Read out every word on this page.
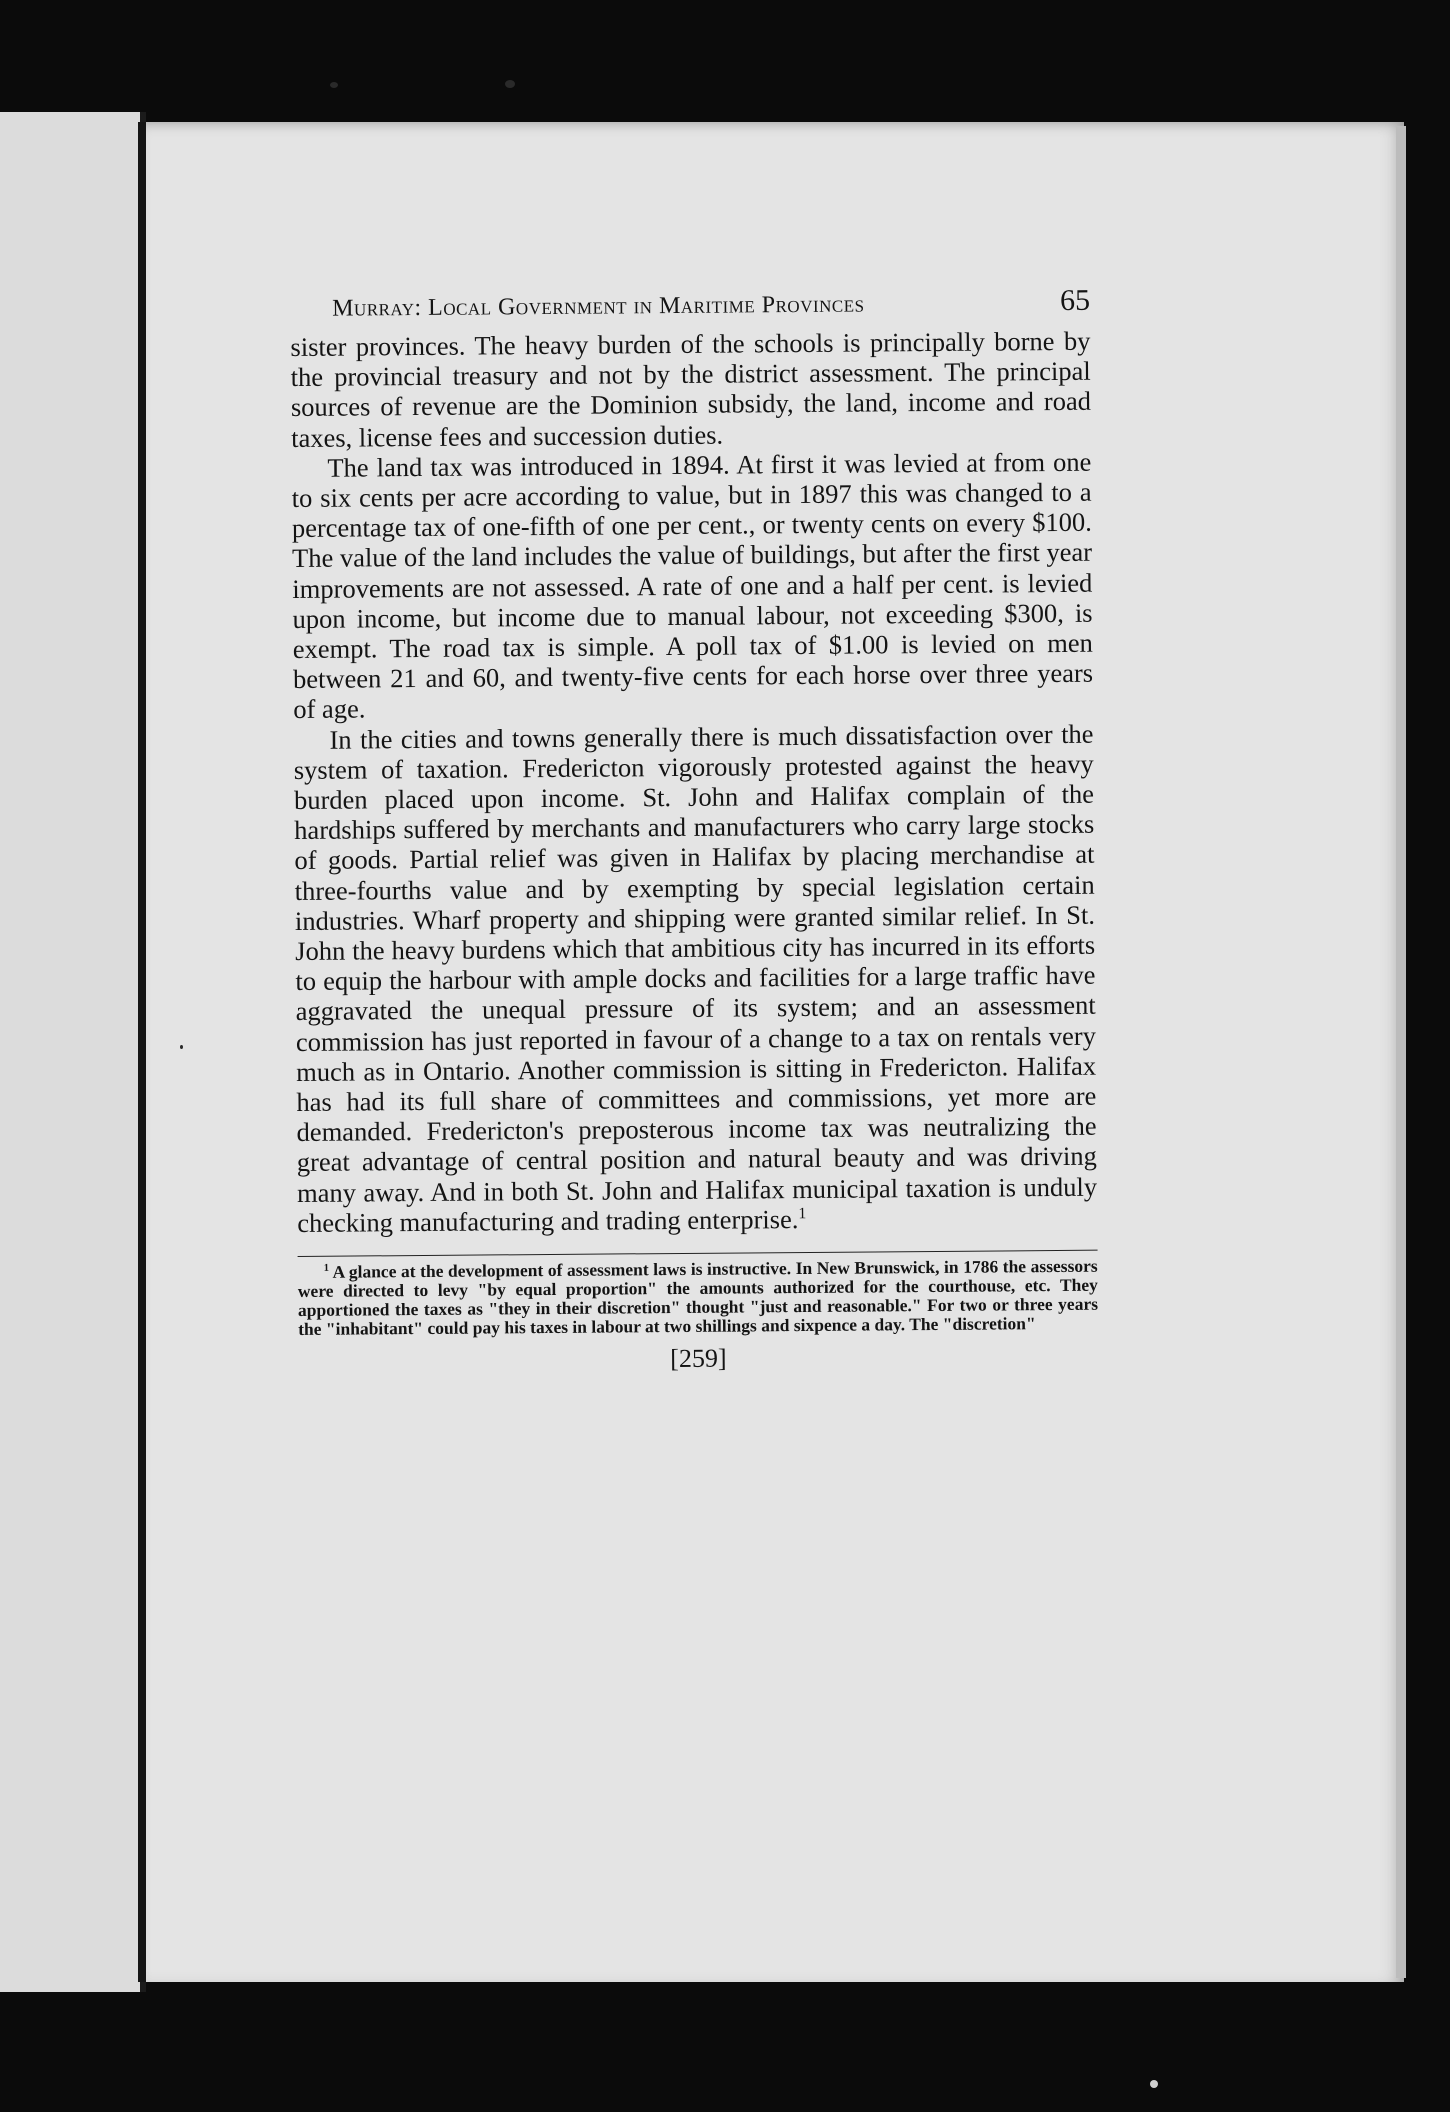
Murray: Local Government in Maritime Provinces	65

sister provinces. The heavy burden of the schools is principally borne by the provincial treasury and not by the district assessment. The principal sources of revenue are the Dominion subsidy, the land, income and road taxes, license fees and succession duties.

The land tax was introduced in 1894. At first it was levied at from one to six cents per acre according to value, but in 1897 this was changed to a percentage tax of one-fifth of one per cent., or twenty cents on every $100. The value of the land includes the value of buildings, but after the first year improvements are not assessed. A rate of one and a half per cent. is levied upon income, but income due to manual labour, not exceeding $300, is exempt. The road tax is simple. A poll tax of $1.00 is levied on men between 21 and 60, and twenty-five cents for each horse over three years of age.

In the cities and towns generally there is much dissatisfaction over the system of taxation. Fredericton vigorously protested against the heavy burden placed upon income. St. John and Halifax complain of the hardships suffered by merchants and manufacturers who carry large stocks of goods. Partial relief was given in Halifax by placing merchandise at three-fourths value and by exempting by special legislation certain industries. Wharf property and shipping were granted similar relief. In St. John the heavy burdens which that ambitious city has incurred in its efforts to equip the harbour with ample docks and facilities for a large traffic have aggravated the unequal pressure of its system; and an assessment commission has just reported in favour of a change to a tax on rentals very much as in Ontario. Another commission is sitting in Fredericton. Halifax has had its full share of committees and commissions, yet more are demanded. Fredericton's preposterous income tax was neutralizing the great advantage of central position and natural beauty and was driving many away. And in both St. John and Halifax municipal taxation is unduly checking manufacturing and trading enterprise.$^1$

$^1$ A glance at the development of assessment laws is instructive. In New Brunswick, in 1786 the assessors were directed to levy "by equal proportion" the amounts authorized for the courthouse, etc. They apportioned the taxes as "they in their discretion" thought "just and reasonable." For two or three years the "inhabitant" could pay his taxes in labour at two shillings and sixpence a day. The "discretion"

[259]
